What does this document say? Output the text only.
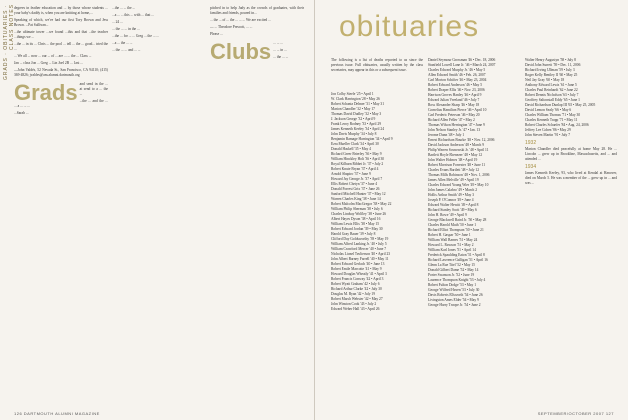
GRADS · OBITUARIES · CLASS NOTES degrees in feather education and ... by those whose students ... your baby's daddy is, when you are knitting at home,...

Speaking of which, we've had our first Tory Brown and Jess Brown. ...Pat Sullivan...

...the ultimate tower ...we found ...this and that ...the teacher ...things we ...

...the ... in its ... Chris ... the pool ... tell ... the ... good... tried the ...

... We all ... now ... our ... of ... are ... ... the ... Class ...

Jan ... class Jon ... Greg ... Lin Joel 2B ... 1ast ...

—John Valdés, 52 Nevada St., San Francisco, CA 94110; (415) 369-4826; jvaldes@am.alumni.dartmouth.org

Grads and send in the ... at send to a ... the ...

...the ... and the ... ... a ... ... ...

...Sarah ...

...the ... ... the ...

...a ... ... this ... with ... that ...

... 24 ...

... the ... ... in the ...

...the ... for ... ... Greg ... the ... ...

...a ... the ... ...

... the ... ... and ... ...

pitched in to help Judy as the crowds of graduates, with their families and friends, poured in...

... the ... of ... the ... ... ... We are excited ...

— ... Theodore Prescott, ... ...

Please ...

Clubs ... ... ...

... ... in ...

... the ... ...

126 DARTMOUTH ALUMNI MAGAZINE
obituaries
The following is a list of deaths reported to us since the previous issue. Full obituaries, usually written by the class secretaries, may appear in this or a subsequent issue.
Jon Colby Steele '25 • April 1
W. Clark Harrington '28 • May 26
Robert Schantz Delmer '31 • May 31
Marion Chandler '32 • May 17
Thomas David Dudley '32 • May 3
J. Jackson George '32 • April 9
Frank Leroy Rodney '33 • April 29
James Kenneth Keeley '34 • April 24
John Davis Murphy '34 • July 8
Benjamin Ramage Harrington '34 • April 9
Ezra Mueller Clark '34 • April 30
Donald Haskell '35 • May 4
Richard Greer Brierley '36 • May 9
William Hinckley Holt '36 • April 30
Royal Kilburn Ribbet Jr. '37 • July 2
Robert Knute Bryan '37 • April 4
Arnold Shapiro '37 • June 9
Howard Jay George Jr. '37 • April 7
Ellis Robert Chetyn '37 • June 4
Donald Forrest Grix '37 • June 26
Sanford Mitchell Hunter '37 • May 12
Warren Charles King '38 • June 14
Robert Malcolm MacGregor '38 • May 22
William Philip Sherman '38 • July 6
Charles Lindsay Wolfley '38 • June 26
Albert Hayes Dyson '38 • April 16
William Lewis Ellis '38 • May 15
Robert Edward Jordan '39 • May 30
Harold Gray Bauer '39 • July 8
Clifford Day Goldsworthy '39 • May 19
William Alfred Lanking Jr. '40 • July 5
William Crawford Mercer '40 • June 7
Nicholas Lionel Tavlierson '40 • April 23
John Albert Barney Farrell '40 • May 11
Robert Edward Gerlach '40 • June 13
Robert Emile Marcotte '41 • May 9
Howard Douglas Wheatly '41 • April 3
Robert Francis Conway '42 • April 3
Robert Wyatt Graham '42 • July 6
Richard Arthur Clarke '42 • July 30
Douglas M. Ryan '42 • July 19
Robert Marsh Webster '42 • May 27
John Winston Cook '43 • July 2
Edward Weber Hall '43 • April 26
Daniel Seymour Grossman '46 • Dec. 18, 2006
Stanfield Lowell Lane Jr. '46 • March 24, 2007
Charles Edward Murphy Jr. '46 • May 5
Allen Edward Smith '46 • Feb. 26, 2007
Carl Morton Schifter '46 • May 23, 2004
Robert Edward Anderson '46 • May 5
Robert Draper Ellis '46 • Nov. 23, 2006
Harrison Groves Hanley '46 • April 9
Edward Julian Vreeland '46 • July 7
Ross Alexander Sharp '46 • May 18
Cornelius Hamilton Pierce '46 • April 10
Carl Frederic Peterson '46 • May 20
Richard Allen Feller '47 • May 2
Thomas Wilson Herrington '47 • June 9
John Nelson Stanley Jr. '47 • Jan. 13
Jerome Dunn '48 • July 1
Ernest Richardson Bourke '48 • Nov. 12, 2006
David Jackson Anderson '48 • March 9
Philip Warren Sosnowski Jr. '48 • April 11
Bartlett Hoyle Ebenezer '48 • May 12
John Walter Holmes '48 • April 19
Robert Morrison Forrester '48 • June 11
Charles Evans Bartlett '48 • July 12
Thomas Mills Robinson '48 • Nov. 1, 2006
James Allen Melville '49 • April 19
Charles Edward Young Wier '49 • May 10
John James Calabro '49 • March 2
Hollis Arthur Smith '49 • May 3
Joseph P. O'Connor '49 • June 4
Edward Walter Hewitt '49 • April 8
Richard Stanley Scott '49 • May 6
John H. Rowe '49 • April 9
George Blackwell Baird Jr. '50 • May 28
Charles Harold Muth '50 • June 1
Richard Elliot Thompson '50 • June 21
Robert H. Gaspar '50 • June 1
William Wall Barnes '51 • May 24
Howard L. Rawson '51 • May 2
William Karl Jones '51 • April 14
Frederick Spaulding Eaton '51 • April 8
Richard Lawrence Galligan '51 • April 16
Glenn La Rue Titel '52 • May 15
Donald Gilbert Dame '52 • May 14
Porter Swanson Jr. '52 • June 19
Laurence Thompson Knight '53 • July 4
Robert Fulton Dodge '53 • May 1
George Wilfred Haven '53 • July 30
Davis Roberts Ellsworth '54 • June 26
Livingston Ames Elder '54 • May 9
George Harry Troope Jr. '54 • June 2
Walter Henry Augustyn '58 • July 8
David John Surrett '59 • Dec. 11, 2006
Richard Irving Ullman '59 • July 3
Roger Kelly Bentley II '60 • May 25
Neil Jay Gray '60 • May 18
Anthony Edward Lewis '61 • June 5
Charles Paul Reinhardt '62 • June 22
Robert Dennis Nicholson '63 • July 7
Geoffrey Saltonstall Eddy '65 • June 1
David Richardson Dunlap III '65 • May 25, 2005
David Lemon Sealy '66 • May 6
Charles William Thomas '71 • May 30
Charles Kenneth Trapp '71 • May 11
Robert Charles Schaefer '84 • Aug. 24, 2006
Jeffrey Lee Cohen '86 • May 29
John Steven Martin '91 • July 7
1932
Marion Chandler died peacefully at home May 28. He ... Lincoln ... grew up in Brookline, Massachusetts, and ... and attended ...
1934
James Kenneth Keeley, 93, who lived at Kendal at Hanover, died on March 5. He was a member of the ... grew up in ... and was ...
SEPTEMBER/OCTOBER 2007 127
